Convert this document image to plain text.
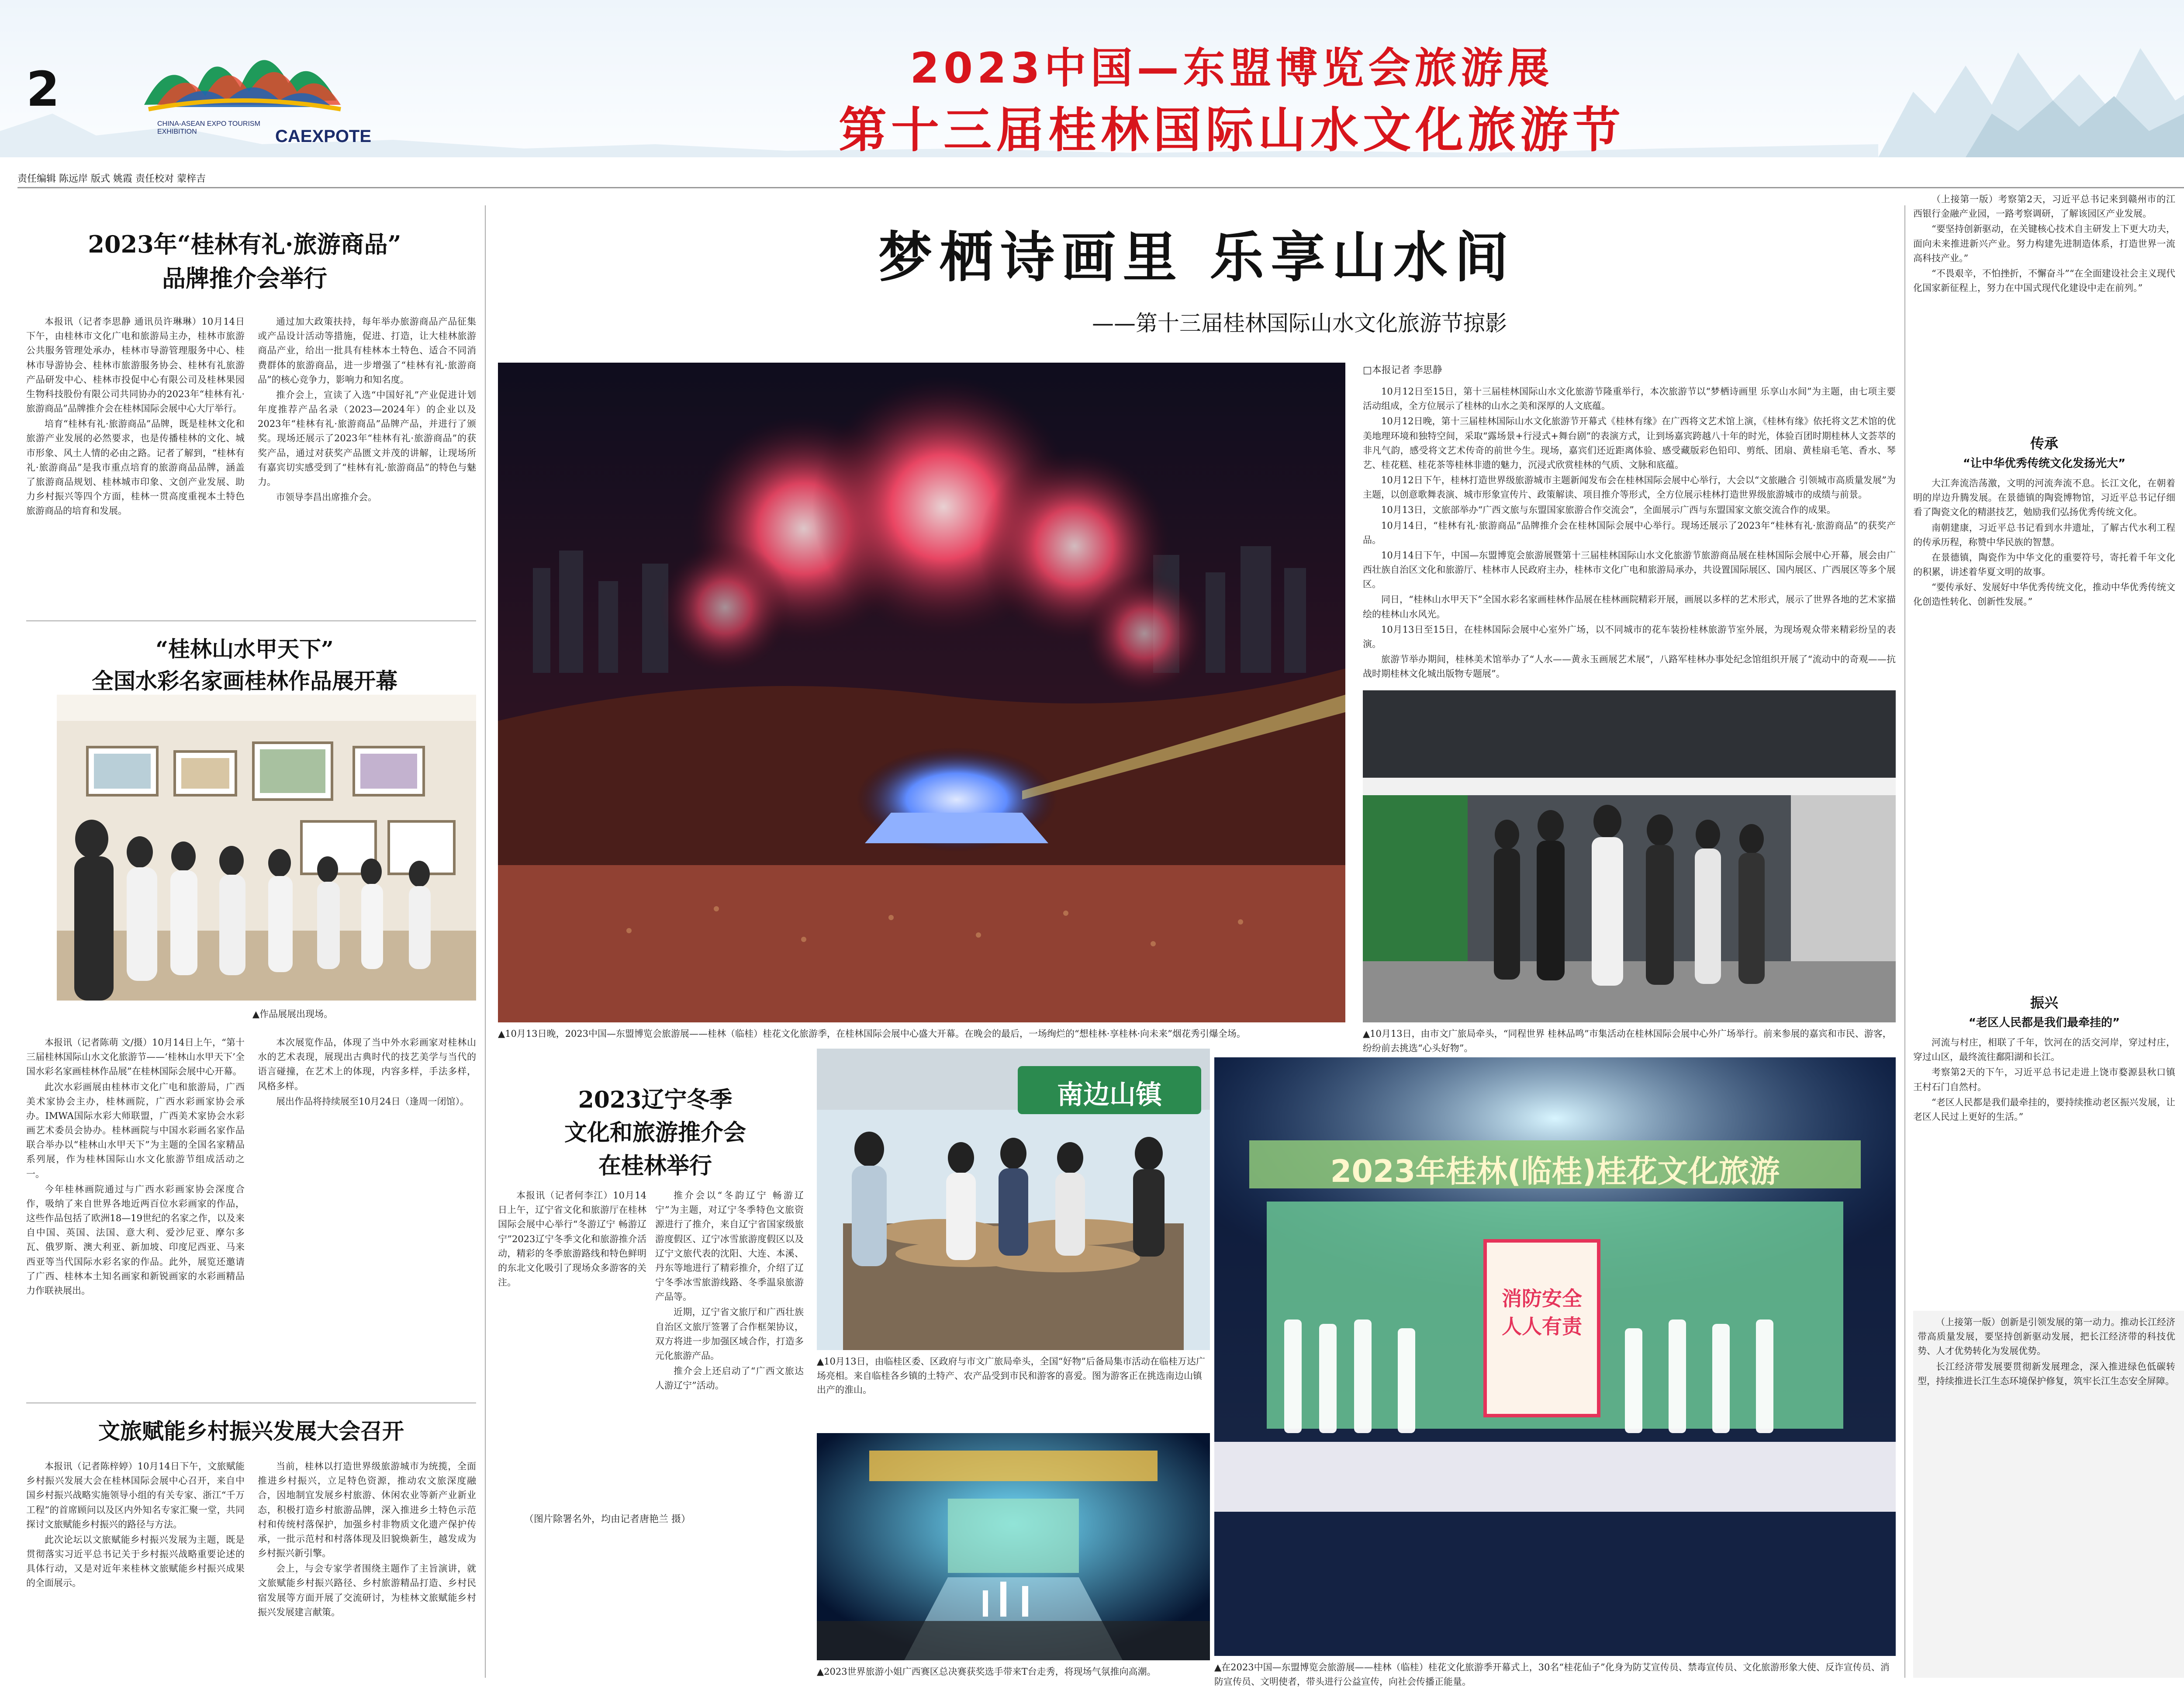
2
CAEXPOTE
CHINA-ASEAN EXPO TOURISM EXHIBITION
2023中国—东盟博览会旅游展
第十三届桂林国际山水文化旅游节
责任编辑 陈远岸 版式 姚霞 责任校对 蒙梓吉
2023年“桂林有礼·旅游商品”
品牌推介会举行

本报讯（记者李思静 通讯员许琳琳）10月14日下午，由桂林市文化广电和旅游局主办，桂林市旅游公共服务管理处承办，桂林市导游管理服务中心、桂林市导游协会、桂林市旅游服务协会、桂林有礼旅游产品研发中心、桂林市投促中心有限公司及桂林果园生物科技股份有限公司共同协办的2023年“桂林有礼·旅游商品”品牌推介会在桂林国际会展中心大厅举行。

培育“桂林有礼·旅游商品”品牌，既是桂林文化和旅游产业发展的必然要求，也是传播桂林的文化、城市形象、风土人情的必由之路。记者了解到，“桂林有礼·旅游商品”是我市重点培育的旅游商品品牌，涵盖了旅游商品规划、桂林城市印象、文创产业发展、助力乡村振兴等四个方面，桂林一贯高度重视本土特色旅游商品的培育和发展。

通过加大政策扶持，每年举办旅游商品产品征集或产品设计活动等措施，促进、打造，让大桂林旅游商品产业，给出一批具有桂林本土特色、适合不同消费群体的旅游商品，进一步增强了“桂林有礼·旅游商品”的核心竞争力，影响力和知名度。

推介会上，宣读了入选“中国好礼”产业促进计划年度推荐产品名录（2023—2024年）的企业以及2023年“桂林有礼·旅游商品”品牌产品，并进行了颁奖。现场还展示了2023年“桂林有礼·旅游商品”的获奖产品，通过对获奖产品匮文并茂的讲解，让现场所有嘉宾切实感受到了“桂林有礼·旅游商品”的特色与魅力。

市领导李昌出席推介会。

“桂林山水甲天下”
全国水彩名家画桂林作品展开幕
▲作品展展出现场。

本报讯（记者陈萌 文/摄）10月14日上午，“第十三届桂林国际山水文化旅游节——‘桂林山水甲天下’全国水彩名家画桂林作品展”在桂林国际会展中心开幕。

此次水彩画展由桂林市文化广电和旅游局，广西美术家协会主办，桂林画院，广西水彩画家协会承办。IMWA国际水彩大师联盟，广西美术家协会水彩画艺术委员会协办。桂林画院与中国水彩画名家作品联合举办以“桂林山水甲天下”为主题的全国名家精品系列展，作为桂林国际山水文化旅游节组成活动之一。

今年桂林画院通过与广西水彩画家协会深度合作，吸纳了来自世界各地近两百位水彩画家的作品，这些作品包括了欧洲18—19世纪的名家之作，以及来自中国、英国、法国、意大利、爱沙尼亚、摩尔多瓦、俄罗斯、澳大利亚、新加坡、印度尼西亚、马来西亚等当代国际水彩名家的作品。此外，展览还邀请了广西、桂林本土知名画家和新锐画家的水彩画精品力作联袂展出。

本次展览作品，体现了当中外水彩画家对桂林山水的艺术表现，展现出古典时代的技艺美学与当代的语言碰撞，在艺术上的体现，内容多样，手法多样，风格多样。

展出作品将持续展至10月24日（逢周一闭馆）。

文旅赋能乡村振兴发展大会召开

本报讯（记者陈梓婷）10月14日下午，文旅赋能乡村振兴发展大会在桂林国际会展中心召开，来自中国乡村振兴战略实施领导小组的有关专家、浙江“千万工程”的首席顾问以及区内外知名专家汇聚一堂，共同探讨文旅赋能乡村振兴的路径与方法。

此次论坛以文旅赋能乡村振兴发展为主题，既是贯彻落实习近平总书记关于乡村振兴战略重要论述的具体行动，又是对近年来桂林文旅赋能乡村振兴成果的全面展示。

当前，桂林以打造世界级旅游城市为统揽，全面推进乡村振兴，立足特色资源，推动农文旅深度融合，因地制宜发展乡村旅游、休闲农业等新产业新业态，积极打造乡村旅游品牌，深入推进乡土特色示范村和传统村落保护，加强乡村非物质文化遗产保护传承，一批示范村和村落体现及旧貌焕新生，越发成为乡村振兴新引擎。

会上，与会专家学者围绕主题作了主旨演讲，就文旅赋能乡村振兴路径、乡村旅游精品打造、乡村民宿发展等方面开展了交流研讨，为桂林文旅赋能乡村振兴发展建言献策。

梦栖诗画里 乐享山水间
——第十三届桂林国际山水文化旅游节掠影
□本报记者 李思静

10月12日至15日，第十三届桂林国际山水文化旅游节隆重举行，本次旅游节以“梦栖诗画里 乐享山水间”为主题，由七项主要活动组成，全方位展示了桂林的山水之美和深厚的人文底蕴。

10月12日晚，第十三届桂林国际山水文化旅游节开幕式《桂林有缘》在广西将文艺术馆上演，《桂林有缘》依托将文艺术馆的优美地理环境和独特空间，采取“露场景+行浸式+舞台剧”的表演方式，让到场嘉宾跨越八十年的时光，体验百团时期桂林人文荟萃的非凡气韵，感受将文艺术传奇的前世今生。现场，嘉宾们还近距离体验、感受藏版彩色铅印、剪纸、团扇、黄桂扇毛笔、香水、琴艺、桂花糕、桂花茶等桂林非遗的魅力，沉浸式欣赏桂林的气质、文脉和底蕴。

10月12日下午，桂林打造世界级旅游城市主题新闻发布会在桂林国际会展中心举行，大会以“文旅融合 引领城市高质量发展”为主题，以创意歌舞表演、城市形象宣传片、政策解读、项目推介等形式，全方位展示桂林打造世界级旅游城市的成绩与前景。

10月13日，文旅部举办“广西文旅与东盟国家旅游合作交流会”，全面展示广西与东盟国家文旅交流合作的成果。

10月14日，“桂林有礼·旅游商品”品牌推介会在桂林国际会展中心举行。现场还展示了2023年“桂林有礼·旅游商品”的获奖产品。

10月14日下午，中国—东盟博览会旅游展暨第十三届桂林国际山水文化旅游节旅游商品展在桂林国际会展中心开幕，展会由广西壮族自治区文化和旅游厅、桂林市人民政府主办，桂林市文化广电和旅游局承办，共设置国际展区、国内展区、广西展区等多个展区。

同日，“桂林山水甲天下”全国水彩名家画桂林作品展在桂林画院精彩开展，画展以多样的艺术形式，展示了世界各地的艺术家描绘的桂林山水风光。

10月13日至15日，在桂林国际会展中心室外广场，以不同城市的花车装扮桂林旅游节室外展，为现场观众带来精彩纷呈的表演。

旅游节举办期间，桂林美术馆举办了“人水——黄永玉画展艺术展”，八路军桂林办事处纪念馆组织开展了“流动中的奇观——抗战时期桂林文化城出版物专题展”。

▲10月13日，由市文广旅局牵头，“同程世界 桂林品鸣”市集活动在桂林国际会展中心外广场举行。前来参展的嘉宾和市民、游客，纷纷前去挑选“心头好物”。
▲10月13日晚，2023中国—东盟博览会旅游展——桂林（临桂）桂花文化旅游季，在桂林国际会展中心盛大开幕。在晚会的最后，一场绚烂的“想桂林·享桂林·向未来”烟花秀引爆全场。
2023辽宁冬季
文化和旅游推介会
在桂林举行

本报讯（记者何李江）10月14日上午，辽宁省文化和旅游厅在桂林国际会展中心举行“冬游辽宁 畅游辽宁”2023辽宁冬季文化和旅游推介活动，精彩的冬季旅游路线和特色鲜明的东北文化吸引了现场众多游客的关注。

推介会以“冬韵辽宁 畅游辽宁”为主题，对辽宁冬季特色文旅资源进行了推介，来自辽宁省国家级旅游度假区、辽宁冰雪旅游度假区以及辽宁文旅代表的沈阳、大连、本溪、丹东等地进行了精彩推介，介绍了辽宁冬季冰雪旅游线路、冬季温泉旅游产品等。

近期，辽宁省文旅厅和广西壮族自治区文旅厅签署了合作框架协议，双方将进一步加强区域合作，打造多元化旅游产品。

推介会上还启动了“广西文旅达人游辽宁”活动。

（图片除署名外，均由记者唐艳兰 摄）
南边山镇
▲10月13日，由临桂区委、区政府与市文广旅局牵头，全国“好物”后备局集市活动在临桂万达广场亮相。来自临桂各乡镇的土特产、农产品受到市民和游客的喜爱。图为游客正在挑选南边山镇出产的淮山。
▲2023世界旅游小姐广西赛区总决赛获奖选手带来T台走秀，将现场气氛推向高潮。
2023年桂林(临桂)桂花文化旅游
消防安全 人人有责
▲在2023中国—东盟博览会旅游展——桂林（临桂）桂花文化旅游季开幕式上，30名“桂花仙子”化身为防艾宣传员、禁毒宣传员、文化旅游形象大使、反诈宣传员、消防宣传员、文明使者，带头进行公益宣传，向社会传播正能量。

（上接第一版）考察第2天，习近平总书记来到赣州市的江西银行金融产业园，一路考察调研，了解该园区产业发展。

“要坚持创新驱动，在关键核心技术自主研发上下更大功夫，面向未来推进新兴产业。努力构建先进制造体系，打造世界一流高科技产业。”

“不畏艰辛，不怕挫折，不懈奋斗”“在全面建设社会主义现代化国家新征程上，努力在中国式现代化建设中走在前列。”

传承
“让中华优秀传统文化发扬光大”

大江奔流浩荡激，文明的河流奔流不息。长江文化，在朝着明的岸边升腾发展。在景德镇的陶瓷博物馆，习近平总书记仔细看了陶瓷文化的精湛技艺，勉励我们弘扬优秀传统文化。

南朝建康，习近平总书记看到水井遗址，了解古代水利工程的传承历程，称赞中华民族的智慧。

在景德镇，陶瓷作为中华文化的重要符号，寄托着千年文化的积累，讲述着华夏文明的故事。

“要传承好、发展好中华优秀传统文化，推动中华优秀传统文化创造性转化、创新性发展。”

振兴
“老区人民都是我们最牵挂的”

河流与村庄，相联了千年，饮河在的活交河岸，穿过村庄，穿过山区，最终流往鄱阳湖和长江。

考察第2天的下午，习近平总书记走进上饶市婺源县秋口镇王村石门自然村。

“老区人民都是我们最牵挂的，要持续推动老区振兴发展，让老区人民过上更好的生活。”

（上接第一版）创新是引领发展的第一动力。推动长江经济带高质量发展，要坚持创新驱动发展，把长江经济带的科技优势、人才优势转化为发展优势。

长江经济带发展要贯彻新发展理念，深入推进绿色低碳转型，持续推进长江生态环境保护修复，筑牢长江生态安全屏障。
